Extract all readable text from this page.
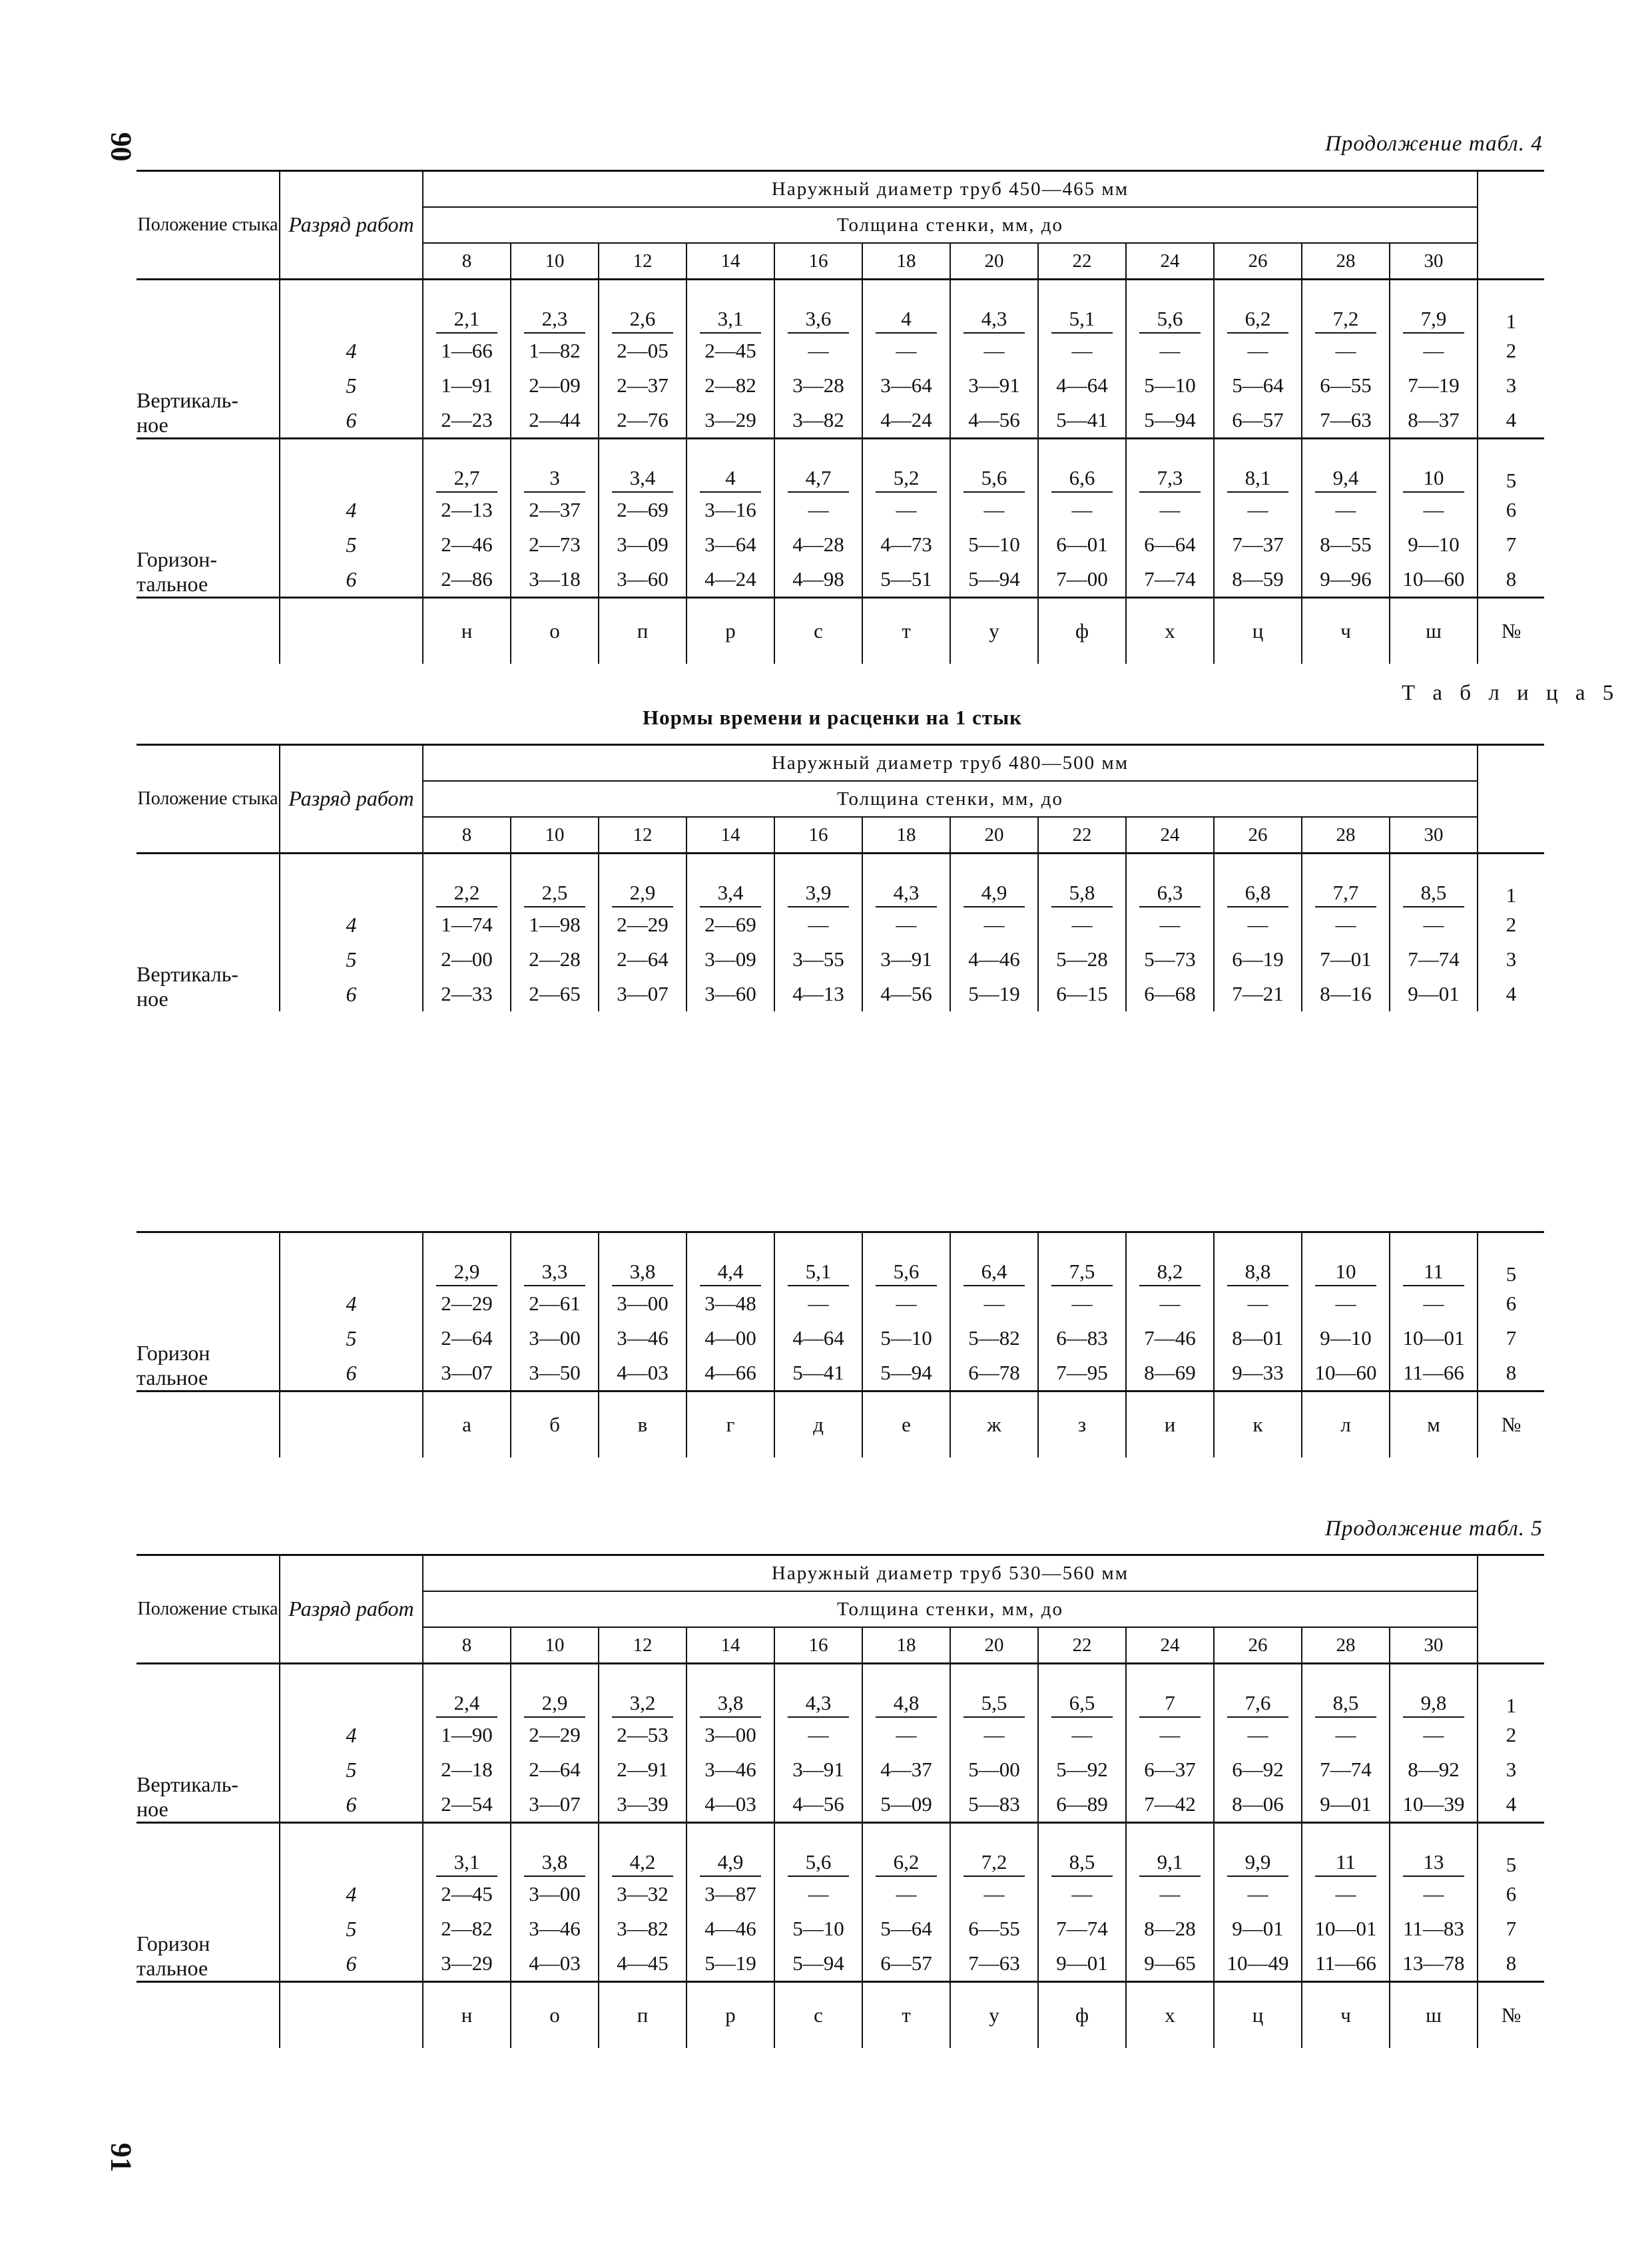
90	Продолжение табл. 4
Положение стыка	Разряд работ	Наружный диаметр труб 450—465 мм												
		Толщина стенки, мм, до												
		8	10	12	14	16	18	20	22	24	26	28	30	

Вертикаль-
ное		2,1	2,3	2,6	3,1	3,6	4	4,3	5,1	5,6	6,2	7,2	7,9	1
	4	1—66	1—82	2—05	2—45	—	—	—	—	—	—	—	—	2
	5	1—91	2—09	2—37	2—82	3—28	3—64	3—91	4—64	5—10	5—64	6—55	7—19	3
	6	2—23	2—44	2—76	3—29	3—82	4—24	4—56	5—41	5—94	6—57	7—63	8—37	4

Горизон-
тальное		2,7	3	3,4	4	4,7	5,2	5,6	6,6	7,3	8,1	9,4	10	5
	4	2—13	2—37	2—69	3—16	—	—	—	—	—	—	—	—	6
	5	2—46	2—73	3—09	3—64	4—28	4—73	5—10	6—01	6—64	7—37	8—55	9—10	7
	6	2—86	3—18	3—60	4—24	4—98	5—51	5—94	7—00	7—74	8—59	9—96	10—60	8
		н	о	п	р	с	т	у	ф	х	ц	ч	ш	№
Т а б л и ц а 5
Нормы времени и расценки на 1 стык
Положение стыка	Разряд работ	Наружный диаметр труб 480—500 мм												
		Толщина стенки, мм, до												
		8	10	12	14	16	18	20	22	24	26	28	30	

Вертикаль-
ное		2,2	2,5	2,9	3,4	3,9	4,3	4,9	5,8	6,3	6,8	7,7	8,5	1
	4	1—74	1—98	2—29	2—69	—	—	—	—	—	—	—	—	2
	5	2—00	2—28	2—64	3—09	3—55	3—91	4—46	5—28	5—73	6—19	7—01	7—74	3
	6	2—33	2—65	3—07	3—60	4—13	4—56	5—19	6—15	6—68	7—21	8—16	9—01	4

Горизон
тальное		2,9	3,3	3,8	4,4	5,1	5,6	6,4	7,5	8,2	8,8	10	11	5
	4	2—29	2—61	3—00	3—48	—	—	—	—	—	—	—	—	6
	5	2—64	3—00	3—46	4—00	4—64	5—10	5—82	6—83	7—46	8—01	9—10	10—01	7
	6	3—07	3—50	4—03	4—66	5—41	5—94	6—78	7—95	8—69	9—33	10—60	11—66	8
		а	б	в	г	д	е	ж	з	и	к	л	м	№
Продолжение табл. 5
Положение стыка	Разряд работ	Наружный диаметр труб 530—560 мм												
		Толщина стенки, мм, до												
		8	10	12	14	16	18	20	22	24	26	28	30	

Вертикаль-
ное		2,4	2,9	3,2	3,8	4,3	4,8	5,5	6,5	7	7,6	8,5	9,8	1
	4	1—90	2—29	2—53	3—00	—	—	—	—	—	—	—	—	2
	5	2—18	2—64	2—91	3—46	3—91	4—37	5—00	5—92	6—37	6—92	7—74	8—92	3
	6	2—54	3—07	3—39	4—03	4—56	5—09	5—83	6—89	7—42	8—06	9—01	10—39	4

Горизон
тальное		3,1	3,8	4,2	4,9	5,6	6,2	7,2	8,5	9,1	9,9	11	13	5
	4	2—45	3—00	3—32	3—87	—	—	—	—	—	—	—	—	6
	5	2—82	3—46	3—82	4—46	5—10	5—64	6—55	7—74	8—28	9—01	10—01	11—83	7
	6	3—29	4—03	4—45	5—19	5—94	6—57	7—63	9—01	9—65	10—49	11—66	13—78	8
		н	о	п	р	с	т	у	ф	х	ц	ч	ш	№
91
